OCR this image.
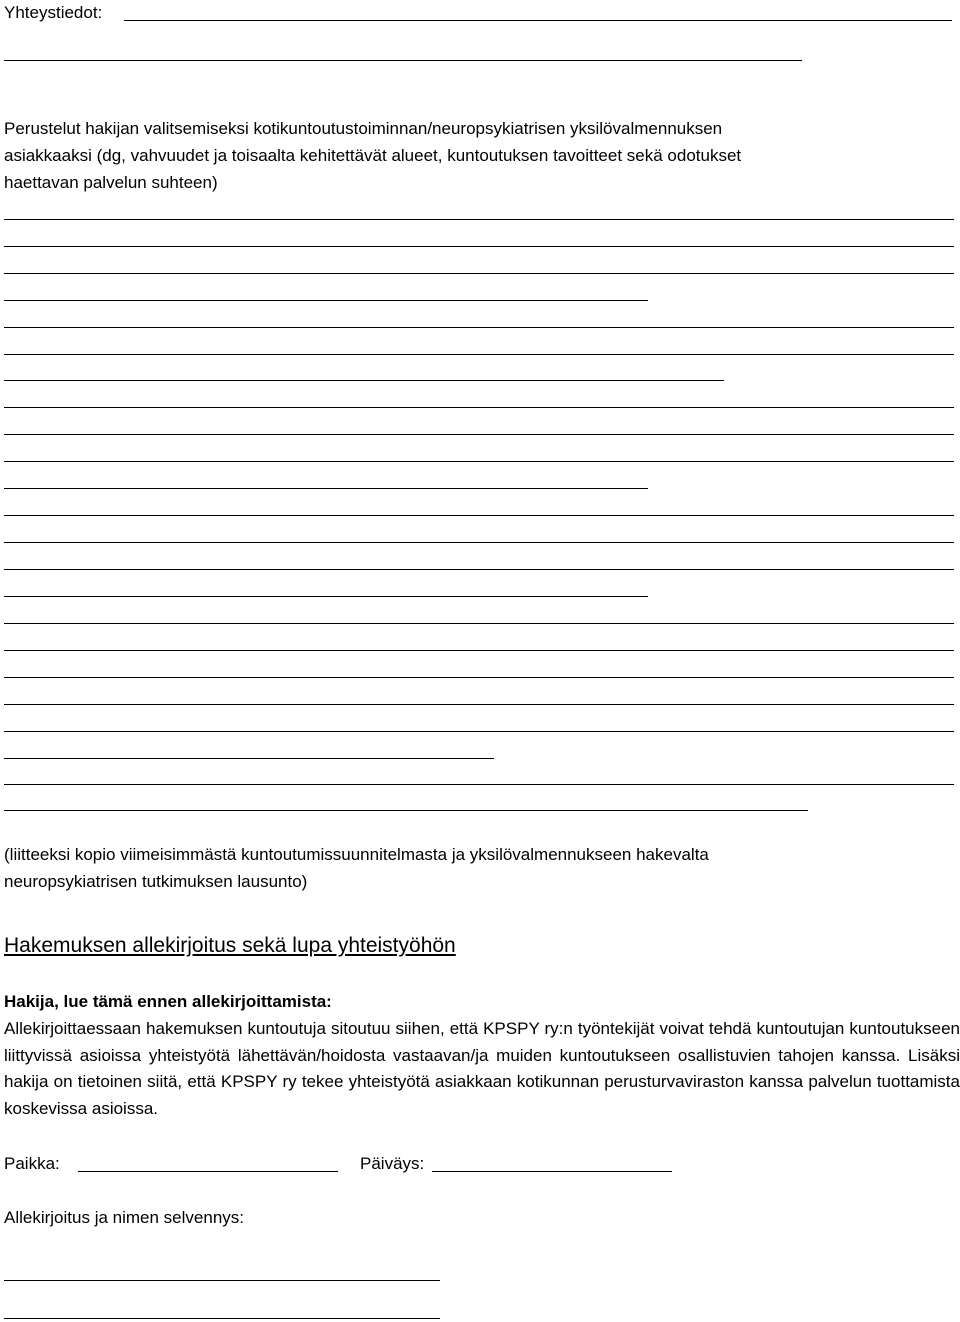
Yhteystiedot:
Perustelut hakijan valitsemiseksi kotikuntoutustoiminnan/neuropsykiatrisen yksilövalmennuksen
asiakkaaksi (dg, vahvuudet ja toisaalta kehitettävät alueet, kuntoutuksen tavoitteet sekä odotukset
haettavan palvelun suhteen)
(liitteeksi kopio viimeisimmästä kuntoutumissuunnitelmasta ja yksilövalmennukseen hakevalta
neuropsykiatrisen tutkimuksen lausunto)
Hakemuksen allekirjoitus sekä lupa yhteistyöhön
Hakija, lue tämä ennen allekirjoittamista:
Allekirjoittaessaan hakemuksen kuntoutuja sitoutuu siihen, että KPSPY ry:n työntekijät voivat tehdä kuntoutujan kuntoutukseen liittyvissä asioissa yhteistyötä lähettävän/hoidosta vastaavan/ja muiden kuntoutukseen osallistuvien tahojen kanssa. Lisäksi hakija on tietoinen siitä, että KPSPY ry tekee yhteistyötä asiakkaan kotikunnan perusturvaviraston kanssa palvelun tuottamista koskevissa asioissa.
Paikka:	Päiväys:
Allekirjoitus ja nimen selvennys:
